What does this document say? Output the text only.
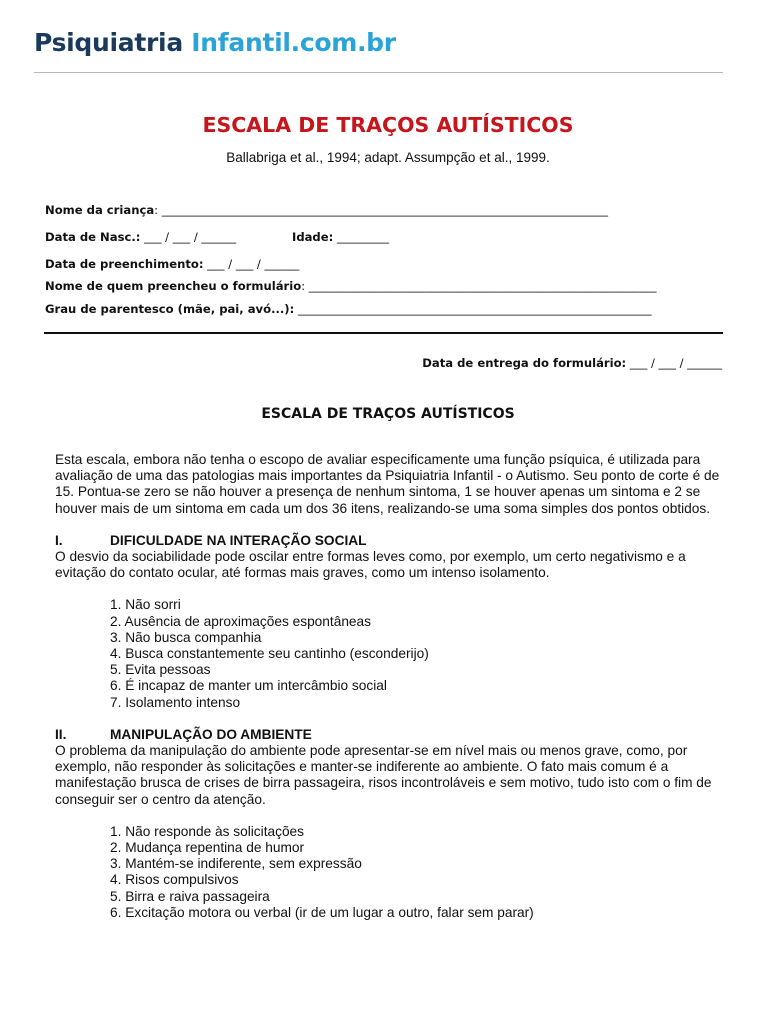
Psiquiatria Infantil.com.br
ESCALA DE TRAÇOS AUTÍSTICOS
Ballabriga et al., 1994; adapt. Assumpção et al., 1999.
Nome da criança: _____________________________________________________________________________
Data de Nasc.: ___ / ___ / ______	Idade: _________
Data de preenchimento: ___ / ___ / ______
Nome de quem preencheu o formulário: ____________________________________________________________
Grau de parentesco (mãe, pai, avó...): _____________________________________________________________
Data de entrega do formulário: ___ / ___ / ______
ESCALA DE TRAÇOS AUTÍSTICOS

Esta escala, embora não tenha o escopo de avaliar especificamente uma função psíquica, é utilizada para avaliação de uma das patologias mais importantes da Psiquiatria Infantil - o Autismo. Seu ponto de corte é de 15. Pontua-se zero se não houver a presença de nenhum sintoma, 1 se houver apenas um sintoma e 2 se houver mais de um sintoma em cada um dos 36 itens, realizando-se uma soma simples dos pontos obtidos.

I.	DIFICULDADE NA INTERAÇÃO SOCIAL

O desvio da sociabilidade pode oscilar entre formas leves como, por exemplo, um certo negativismo e a evitação do contato ocular, até formas mais graves, como um intenso isolamento.

1. Não sorri
2. Ausência de aproximações espontâneas
3. Não busca companhia
4. Busca constantemente seu cantinho (esconderijo)
5. Evita pessoas
6. É incapaz de manter um intercâmbio social
7. Isolamento intenso
II.	MANIPULAÇÃO DO AMBIENTE

O problema da manipulação do ambiente pode apresentar-se em nível mais ou menos grave, como, por exemplo, não responder às solicitações e manter-se indiferente ao ambiente. O fato mais comum é a manifestação brusca de crises de birra passageira, risos incontroláveis e sem motivo, tudo isto com o fim de conseguir ser o centro da atenção.

1. Não responde às solicitações
2. Mudança repentina de humor
3. Mantém-se indiferente, sem expressão
4. Risos compulsivos
5. Birra e raiva passageira
6. Excitação motora ou verbal (ir de um lugar a outro, falar sem parar)
